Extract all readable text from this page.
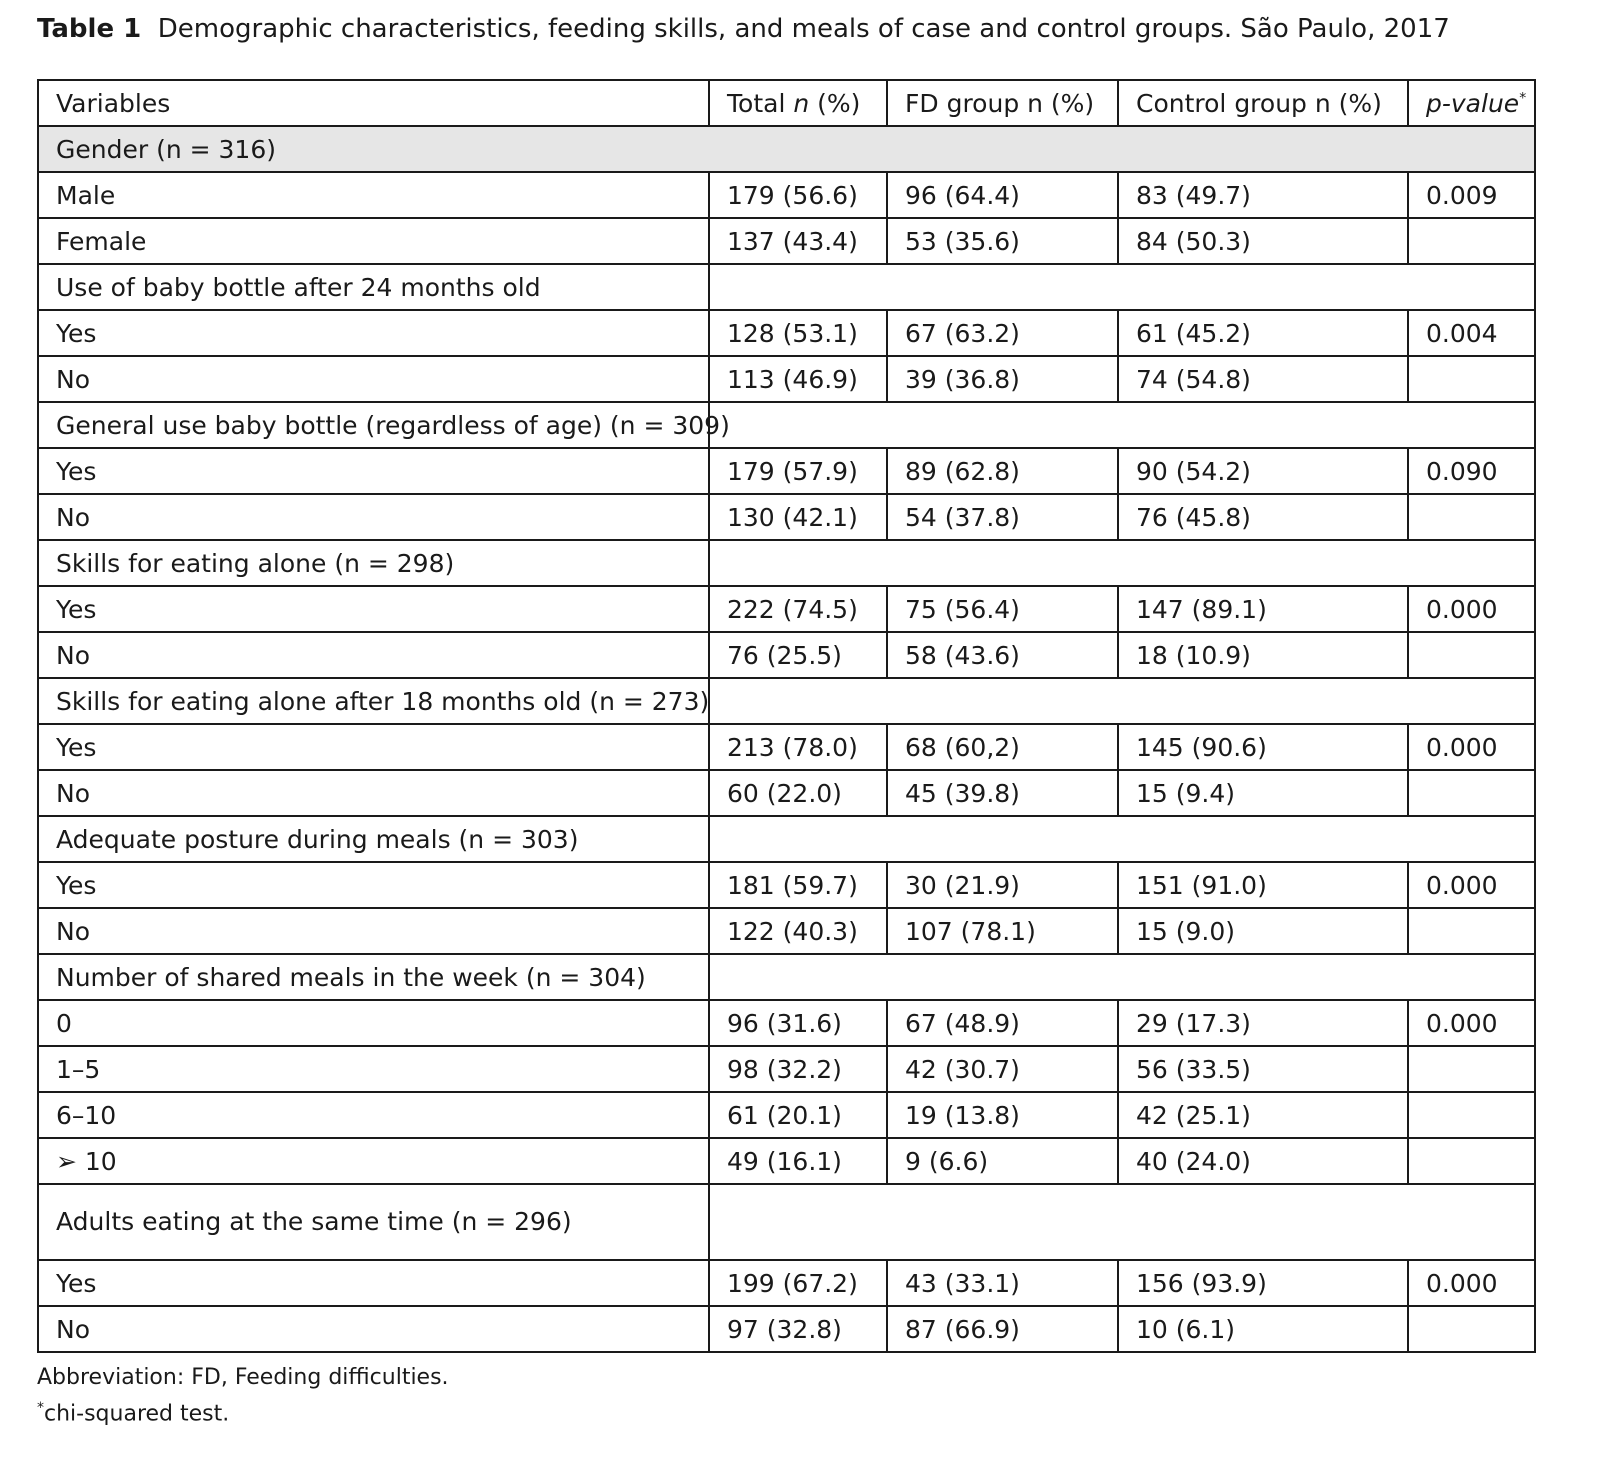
Table 1 Demographic characteristics, feeding skills, and meals of case and control groups. São Paulo, 2017
Variables	Total n (%)	FD group n (%)	Control group n (%)	p-value*
Gender (n = 316)				
Male	179 (56.6)	96 (64.4)	83 (49.7)	0.009
Female	137 (43.4)	53 (35.6)	84 (50.3)	
Use of baby bottle after 24 months old				
Yes	128 (53.1)	67 (63.2)	61 (45.2)	0.004
No	113 (46.9)	39 (36.8)	74 (54.8)	
General use baby bottle (regardless of age) (n = 309)				
Yes	179 (57.9)	89 (62.8)	90 (54.2)	0.090
No	130 (42.1)	54 (37.8)	76 (45.8)	
Skills for eating alone (n = 298)				
Yes	222 (74.5)	75 (56.4)	147 (89.1)	0.000
No	76 (25.5)	58 (43.6)	18 (10.9)	
Skills for eating alone after 18 months old (n = 273)				
Yes	213 (78.0)	68 (60,2)	145 (90.6)	0.000
No	60 (22.0)	45 (39.8)	15 (9.4)	
Adequate posture during meals (n = 303)				
Yes	181 (59.7)	30 (21.9)	151 (91.0)	0.000
No	122 (40.3)	107 (78.1)	15 (9.0)	
Number of shared meals in the week (n = 304)				
0	96 (31.6)	67 (48.9)	29 (17.3)	0.000
1–5	98 (32.2)	42 (30.7)	56 (33.5)	
6–10	61 (20.1)	19 (13.8)	42 (25.1)	
➢ 10	49 (16.1)	9 (6.6)	40 (24.0)	
Adults eating at the same time (n = 296)				
Yes	199 (67.2)	43 (33.1)	156 (93.9)	0.000
No	97 (32.8)	87 (66.9)	10 (6.1)	
Abbreviation: FD, Feeding difficulties.
*chi-squared test.
